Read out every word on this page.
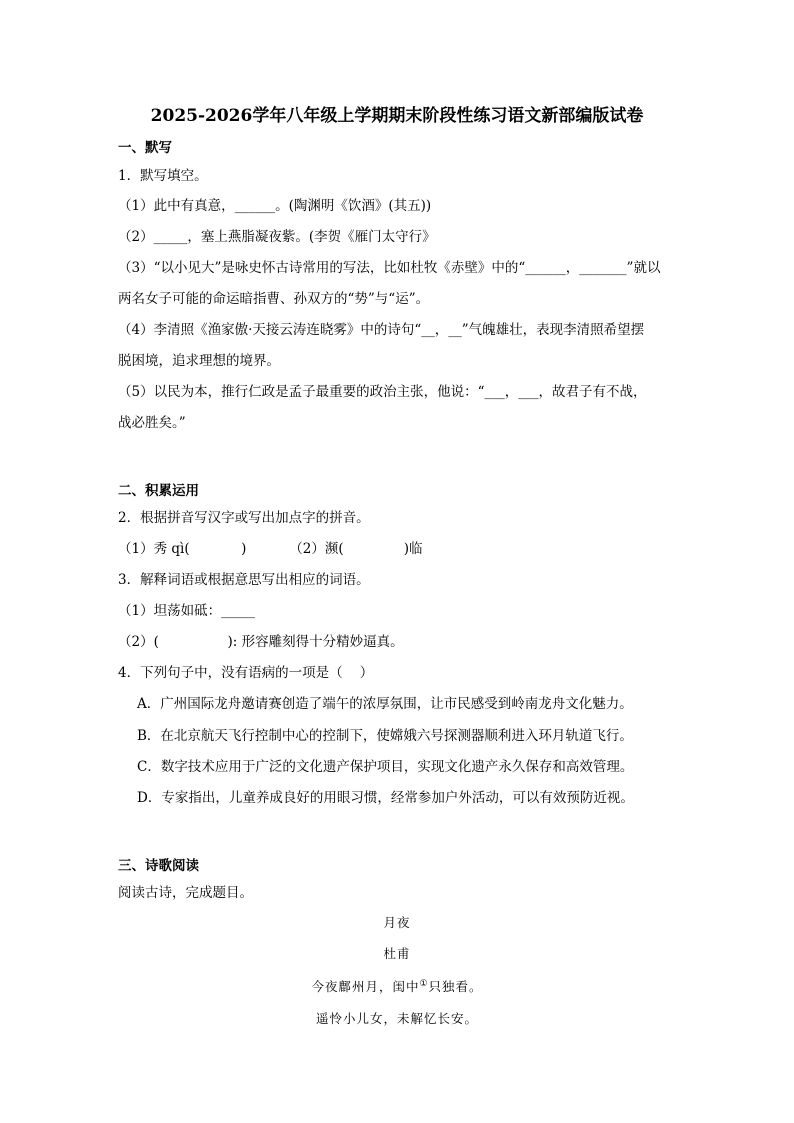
2025-2026学年八年级上学期期末阶段性练习语文新部编版试卷
一、默写
1．默写填空。
（1）此中有真意，______。(陶渊明《饮酒》(其五))
（2）_____，塞上燕脂凝夜紫。(李贺《雁门太守行》
（3）“以小见大”是咏史怀古诗常用的写法，比如杜牧《赤壁》中的“______，_______”就以
两名女子可能的命运暗指曹、孙双方的“势”与“运”。
（4）李清照《渔家傲·天接云涛连晓雾》中的诗句“__，__”气魄雄壮，表现李清照希望摆
脱困境，追求理想的境界。
（5）以民为本，推行仁政是孟子最重要的政治主张，他说：“___，___，故君子有不战，
战必胜矣。”
二、积累运用
2．根据拼音写汉字或写出加点字的拼音。
（1）秀 qì(            )          （2）濒(              )临
3．解释词语或根据意思写出相应的词语。
（1）坦荡如砥：_____
（2）(                ): 形容雕刻得十分精妙逼真。
4．下列句子中，没有语病的一项是（    ）
A．广州国际龙舟邀请赛创造了端午的浓厚氛围，让市民感受到岭南龙舟文化魅力。
B．在北京航天飞行控制中心的控制下，使嫦娥六号探测器顺利进入环月轨道飞行。
C．数字技术应用于广泛的文化遗产保护项目，实现文化遗产永久保存和高效管理。
D．专家指出，儿童养成良好的用眼习惯，经常参加户外活动，可以有效预防近视。
三、诗歌阅读
阅读古诗，完成题目。
月夜
杜甫
今夜鄜州月，闺中①只独看。
遥怜小儿女，未解忆长安。
